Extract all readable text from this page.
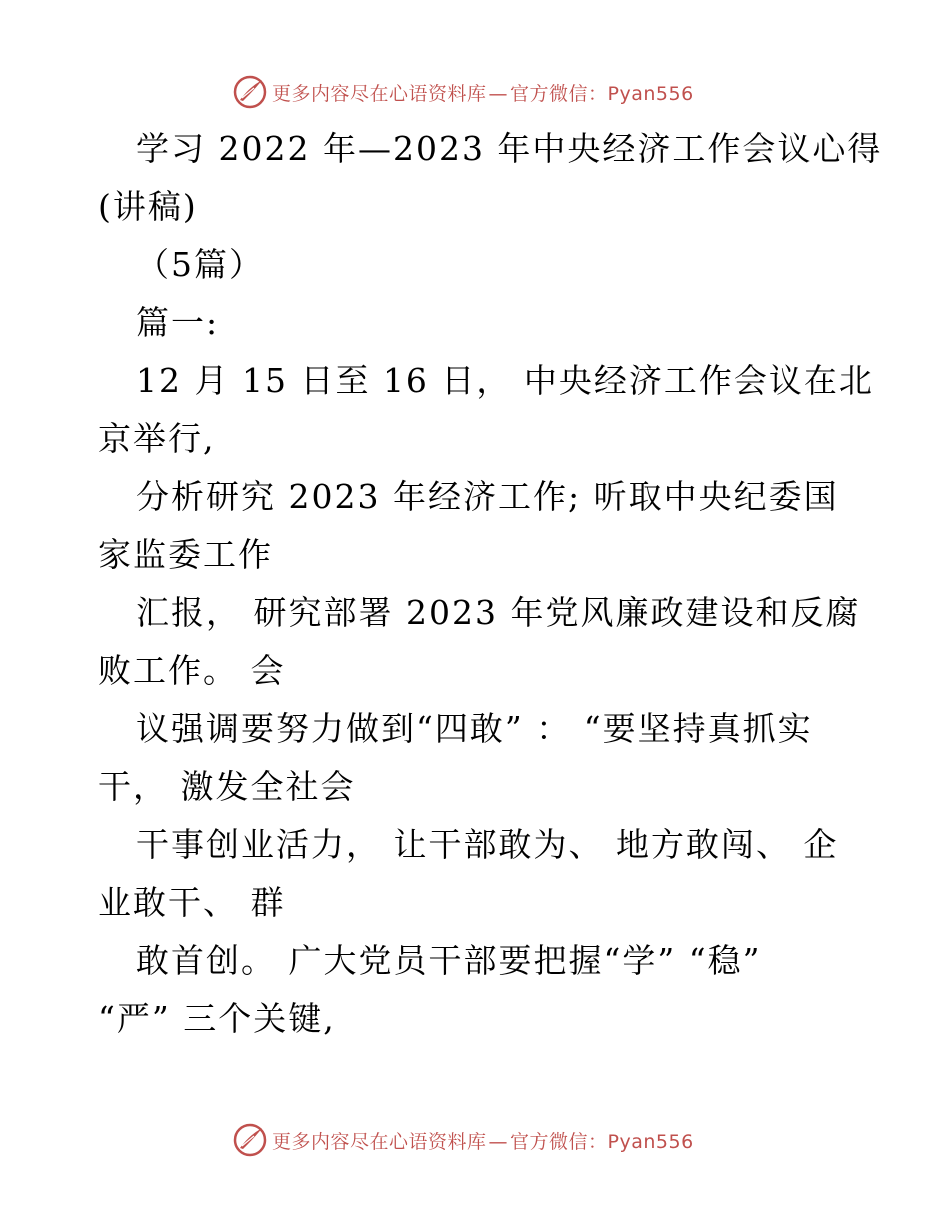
更多内容尽在心语资料库 — 官方微信：Pyan556
学习 2022 年—2023 年中央经济工作会议心得
(讲稿)
（5篇）
篇一:
12 月 15 日至 16 日， 中央经济工作会议在北
京举行,
分析研究 2023 年经济工作; 听取中央纪委国
家监委工作
汇报， 研究部署 2023 年党风廉政建设和反腐
败工作。 会
议强调要努力做到“四敢” ： “要坚持真抓实
干， 激发全社会
干事创业活力， 让干部敢为、 地方敢闯、 企
业敢干、 群
敢首创。 广大党员干部要把握“学” “稳”
“严” 三个关键,
更多内容尽在心语资料库 — 官方微信：Pyan556
